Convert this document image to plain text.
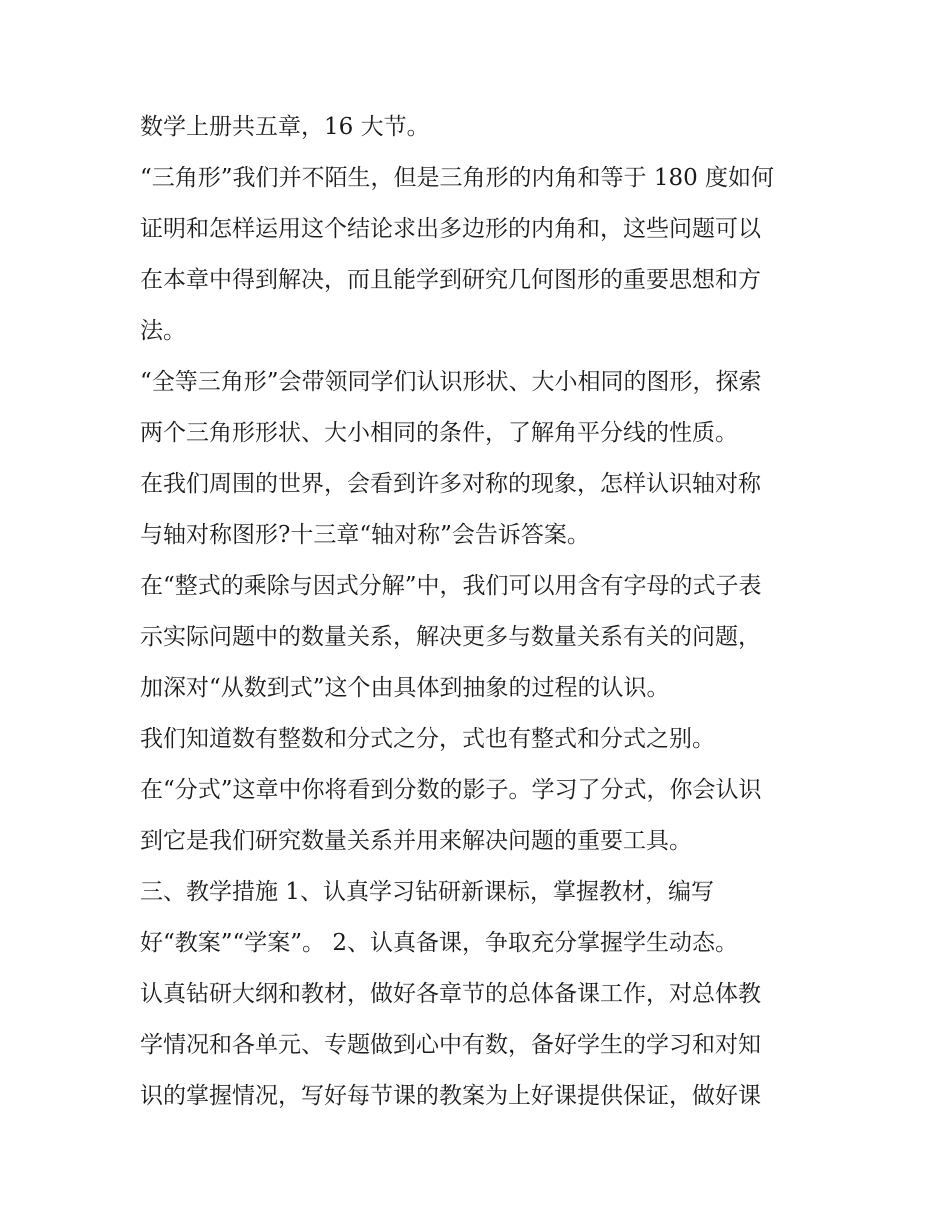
数学上册共五章，16 大节。
“三角形”我们并不陌生，但是三角形的内角和等于 180 度如何
证明和怎样运用这个结论求出多边形的内角和，这些问题可以
在本章中得到解决，而且能学到研究几何图形的重要思想和方
法。
“全等三角形”会带领同学们认识形状、大小相同的图形，探索
两个三角形形状、大小相同的条件，了解角平分线的性质。
在我们周围的世界，会看到许多对称的现象，怎样认识轴对称
与轴对称图形?十三章“轴对称”会告诉答案。
在“整式的乘除与因式分解”中，我们可以用含有字母的式子表
示实际问题中的数量关系，解决更多与数量关系有关的问题，
加深对“从数到式”这个由具体到抽象的过程的认识。
我们知道数有整数和分式之分，式也有整式和分式之别。
在“分式”这章中你将看到分数的影子。学习了分式，你会认识
到它是我们研究数量关系并用来解决问题的重要工具。
三、教学措施 1、认真学习钻研新课标，掌握教材，编写
好“教案”“学案”。 2、认真备课，争取充分掌握学生动态。
认真钻研大纲和教材，做好各章节的总体备课工作，对总体教
学情况和各单元、专题做到心中有数，备好学生的学习和对知
识的掌握情况，写好每节课的教案为上好课提供保证，做好课
